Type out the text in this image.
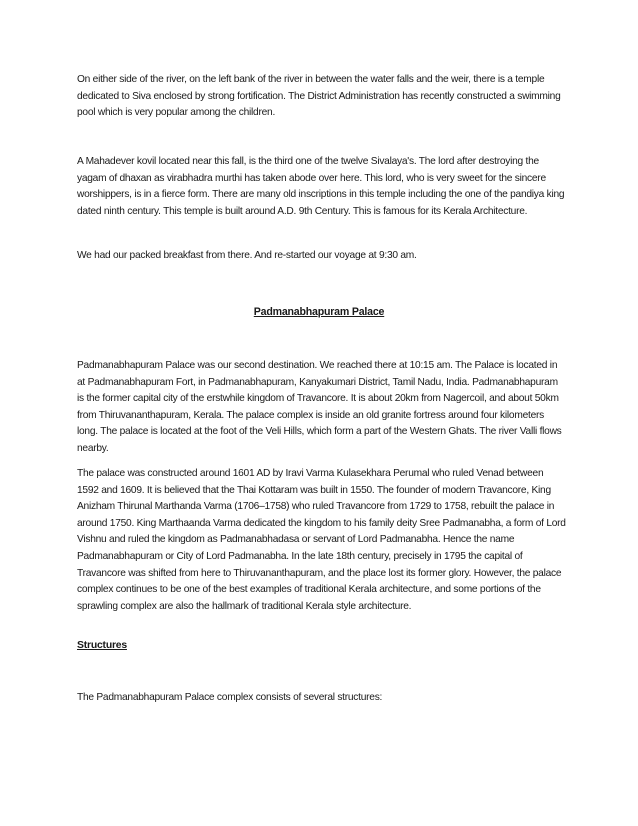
On either side of the river, on the left bank of the river in between the water falls and the weir, there is a temple dedicated to Siva enclosed by strong fortification. The District Administration has recently constructed a swimming pool which is very popular among the children.

A Mahadever kovil located near this fall, is the third one of the twelve Sivalaya's. The lord after destroying the yagam of dhaxan as virabhadra murthi has taken abode over here. This lord, who is very sweet for the sincere worshippers, is in a fierce form. There are many old inscriptions in this temple including the one of the pandiya king dated ninth century. This temple is built around A.D. 9th Century. This is famous for its Kerala Architecture.

We had our packed breakfast from there. And re-started our voyage at 9:30 am.

Padmanabhapuram Palace

Padmanabhapuram Palace was our second destination. We reached there at 10:15 am. The Palace is located in at Padmanabhapuram Fort, in Padmanabhapuram, Kanyakumari District, Tamil Nadu, India. Padmanabhapuram is the former capital city of the erstwhile kingdom of Travancore. It is about 20km from Nagercoil, and about 50km from Thiruvananthapuram, Kerala. The palace complex is inside an old granite fortress around four kilometers long. The palace is located at the foot of the Veli Hills, which form a part of the Western Ghats. The river Valli flows nearby.

The palace was constructed around 1601 AD by Iravi Varma Kulasekhara Perumal who ruled Venad between 1592 and 1609. It is believed that the Thai Kottaram was built in 1550. The founder of modern Travancore, King Anizham Thirunal Marthanda Varma (1706–1758) who ruled Travancore from 1729 to 1758, rebuilt the palace in around 1750. King Marthaanda Varma dedicated the kingdom to his family deity Sree Padmanabha, a form of Lord Vishnu and ruled the kingdom as Padmanabhadasa or servant of Lord Padmanabha. Hence the name Padmanabhapuram or City of Lord Padmanabha. In the late 18th century, precisely in 1795 the capital of Travancore was shifted from here to Thiruvananthapuram, and the place lost its former glory. However, the palace complex continues to be one of the best examples of traditional Kerala architecture, and some portions of the sprawling complex are also the hallmark of traditional Kerala style architecture.

Structures

The Padmanabhapuram Palace complex consists of several structures:
